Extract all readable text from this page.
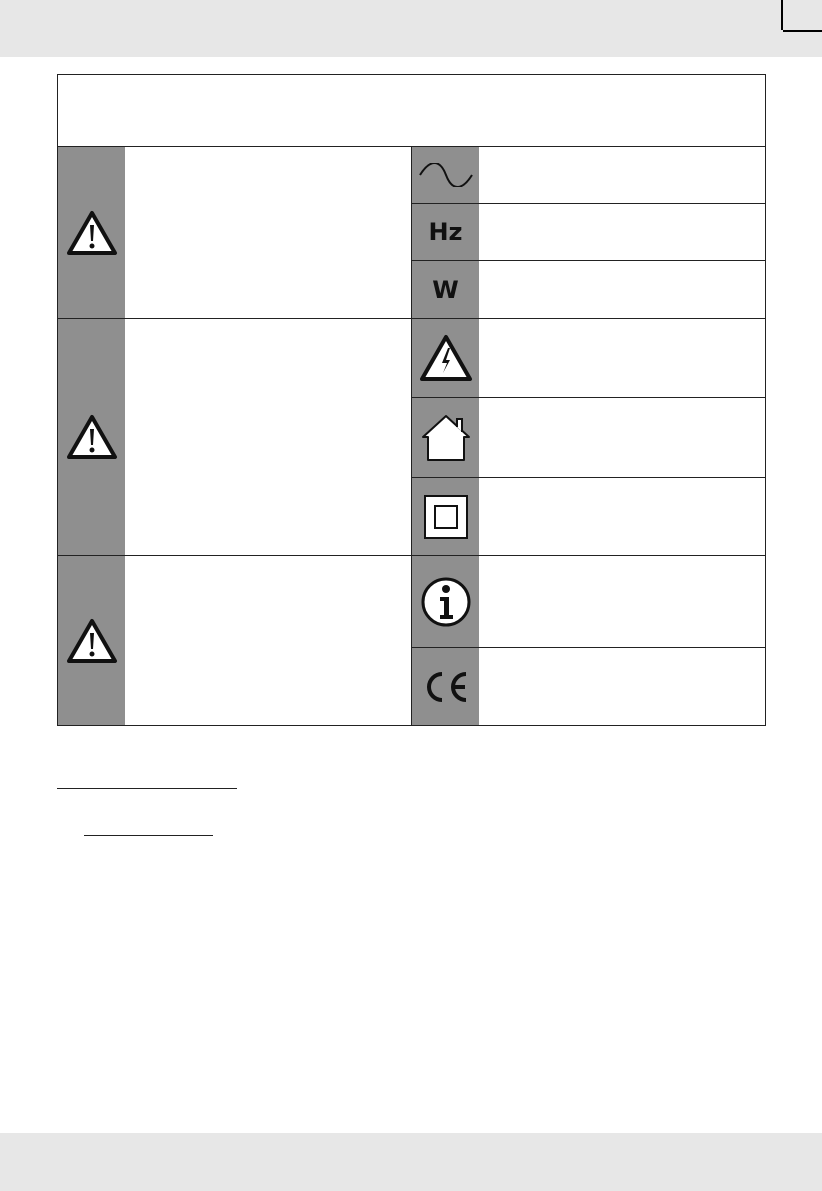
Hz
W
